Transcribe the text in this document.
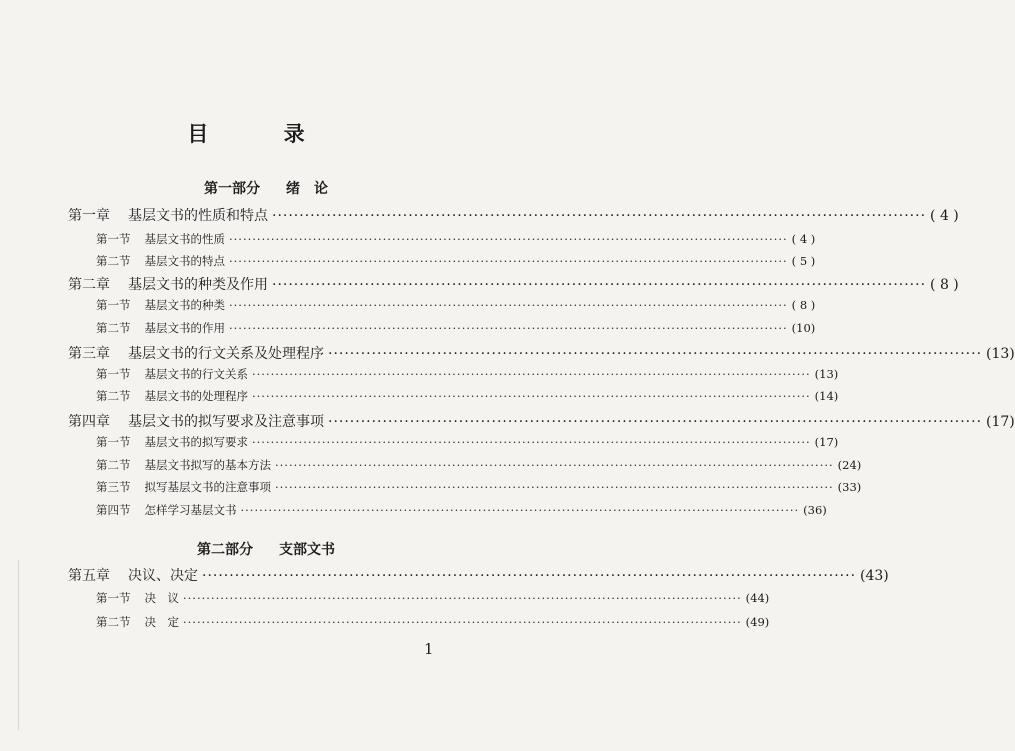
目 录
第一部分 绪　论
第二部分 支部文书
1
第一章 基层文书的性质和特点 ························································································································ ( 4 )
第一节 基层文书的性质 ························································································································ ( 4 )
第二节 基层文书的特点 ························································································································ ( 5 )
第二章 基层文书的种类及作用 ························································································································ ( 8 )
第一节 基层文书的种类 ························································································································ ( 8 )
第二节 基层文书的作用 ························································································································ (10)
第三章 基层文书的行文关系及处理程序 ························································································································ (13)
第一节 基层文书的行文关系 ························································································································ (13)
第二节 基层文书的处理程序 ························································································································ (14)
第四章 基层文书的拟写要求及注意事项 ························································································································ (17)
第一节 基层文书的拟写要求 ························································································································ (17)
第二节 基层文书拟写的基本方法 ························································································································ (24)
第三节 拟写基层文书的注意事项 ························································································································ (33)
第四节 怎样学习基层文书 ························································································································ (36)
第五章 决议、决定 ························································································································ (43)
第一节 决　议 ························································································································ (44)
第二节 决　定 ························································································································ (49)
